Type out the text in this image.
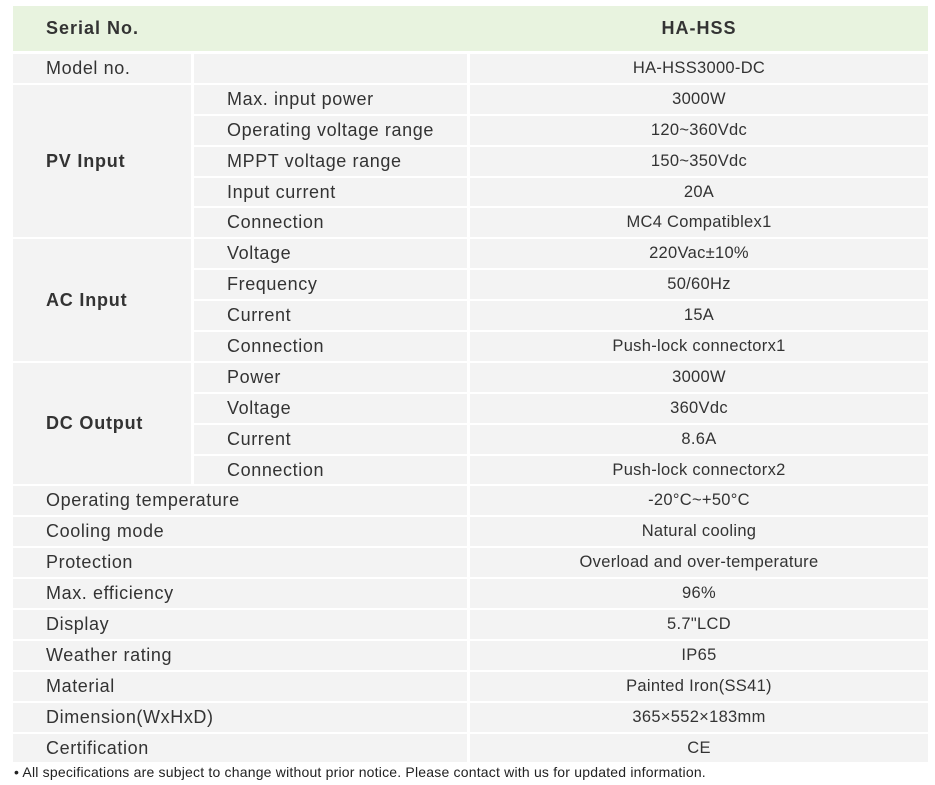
Serial No.		HA-HSS
Model no.		HA-HSS3000-DC
PV Input	Max. input power	3000W
	Operating voltage range	120~360Vdc
	MPPT voltage range	150~350Vdc
	Input current	20A
	Connection	MC4 Compatiblex1
AC Input	Voltage	220Vac±10%
	Frequency	50/60Hz
	Current	15A
	Connection	Push-lock connectorx1
DC Output	Power	3000W
	Voltage	360Vdc
	Current	8.6A
	Connection	Push-lock connectorx2
Operating temperature		-20°C~+50°C
Cooling mode		Natural cooling
Protection		Overload and over-temperature
Max. efficiency		96%
Display		5.7"LCD
Weather rating		IP65
Material		Painted Iron(SS41)
Dimension(WxHxD)		365×552×183mm
Certification		CE
• All specifications are subject to change without prior notice. Please contact with us for updated information.
